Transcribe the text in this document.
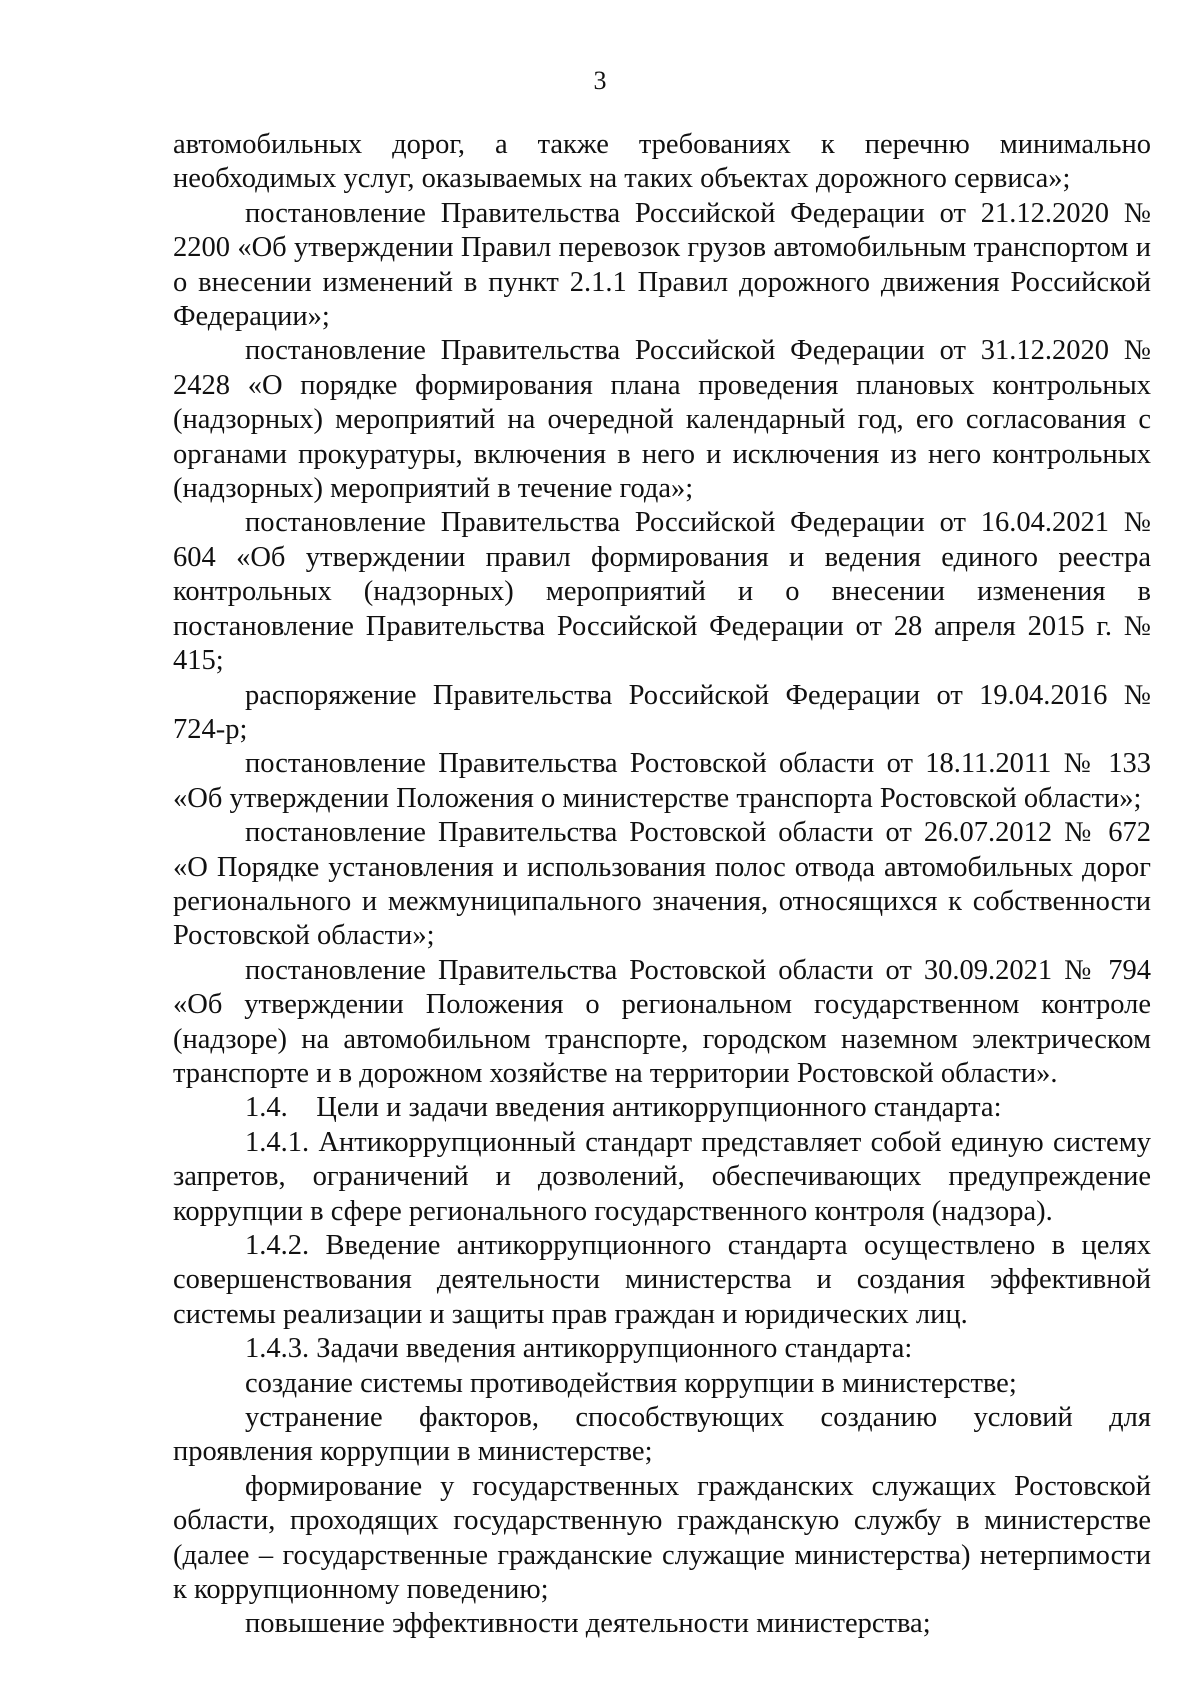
3

автомобильных дорог, а также требованиях к перечню минимально необходимых услуг, оказываемых на таких объектах дорожного сервиса»;

постановление Правительства Российской Федерации от 21.12.2020 № 2200 «Об утверждении Правил перевозок грузов автомобильным транспортом и о внесении изменений в пункт 2.1.1 Правил дорожного движения Российской Федерации»;

постановление Правительства Российской Федерации от 31.12.2020 № 2428 «О порядке формирования плана проведения плановых контрольных (надзорных) мероприятий на очередной календарный год, его согласования с органами прокуратуры, включения в него и исключения из него контрольных (надзорных) мероприятий в течение года»;

постановление Правительства Российской Федерации от 16.04.2021 № 604 «Об утверждении правил формирования и ведения единого реестра контрольных (надзорных) мероприятий и о внесении изменения в постановление Правительства Российской Федерации от 28 апреля 2015 г. № 415;

распоряжение Правительства Российской Федерации от 19.04.2016 № 724-р;

постановление Правительства Ростовской области от 18.11.2011 № 133 «Об утверждении Положения о министерстве транспорта Ростовской области»;

постановление Правительства Ростовской области от 26.07.2012 № 672 «О Порядке установления и использования полос отвода автомобильных дорог регионального и межмуниципального значения, относящихся к собственности Ростовской области»;

постановление Правительства Ростовской области от 30.09.2021 № 794 «Об утверждении Положения о региональном государственном контроле (надзоре) на автомобильном транспорте, городском наземном электрическом транспорте и в дорожном хозяйстве на территории Ростовской области».

1.4.    Цели и задачи введения антикоррупционного стандарта:

1.4.1. Антикоррупционный стандарт представляет собой единую систему запретов, ограничений и дозволений, обеспечивающих предупреждение коррупции в сфере регионального государственного контроля (надзора).

1.4.2. Введение антикоррупционного стандарта осуществлено в целях совершенствования деятельности министерства и создания эффективной системы реализации и защиты прав граждан и юридических лиц.

1.4.3. Задачи введения антикоррупционного стандарта:

создание системы противодействия коррупции в министерстве;

устранение факторов, способствующих созданию условий для проявления коррупции в министерстве;

формирование у государственных гражданских служащих Ростовской области, проходящих государственную гражданскую службу в министерстве (далее – государственные гражданские служащие министерства) нетерпимости к коррупционному поведению;

повышение эффективности деятельности министерства;
